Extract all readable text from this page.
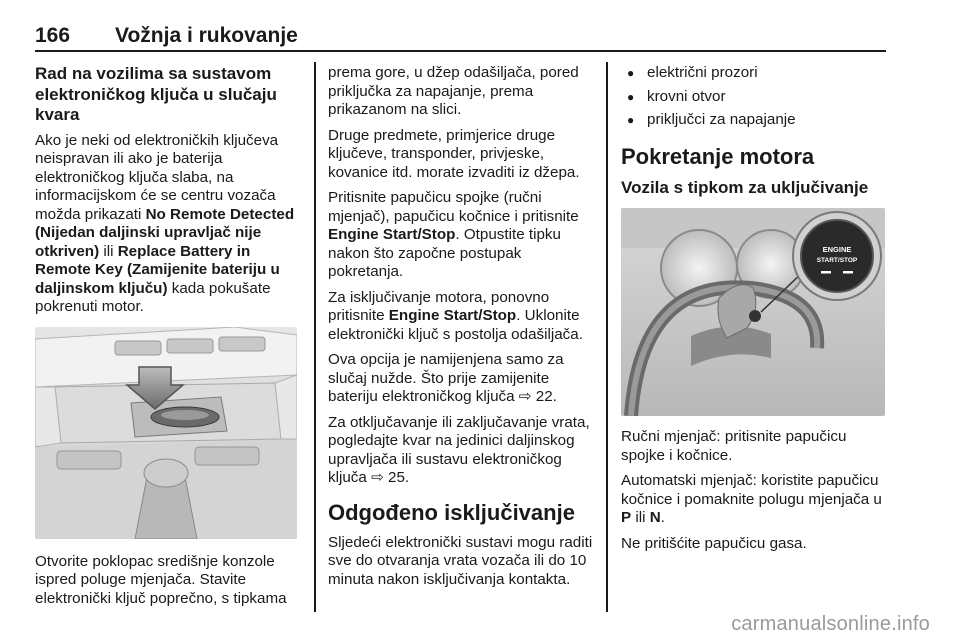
166 Vožnja i rukovanje
Rad na vozilima sa sustavom elektroničkog ključa u slučaju kvara

Ako je neki od elektroničkih ključeva neispravan ili ako je baterija elektroničkog ključa slaba, na informacijskom će se centru vozača možda prikazati No Remote Detected (Nijedan daljinski upravljač nije otkriven) ili Replace Battery in Remote Key (Zamijenite bateriju u daljinskom ključu) kada pokušate pokrenuti motor.

Otvorite poklopac središnje konzole ispred poluge mjenjača. Stavite elektronički ključ poprečno, s tipkama

prema gore, u džep odašiljača, pored priključka za napajanje, prema prikazanom na slici.

Druge predmete, primjerice druge ključeve, transponder, privjeske, kovanice itd. morate izvaditi iz džepa.

Pritisnite papučicu spojke (ručni mjenjač), papučicu kočnice i pritisnite Engine Start/Stop. Otpustite tipku nakon što započne postupak pokretanja.

Za isključivanje motora, ponovno pritisnite Engine Start/Stop. Uklonite elektronički ključ s postolja odašiljača.

Ova opcija je namijenjena samo za slučaj nužde. Što prije zamijenite bateriju elektroničkog ključa ⇨ 22.

Za otključavanje ili zaključavanje vrata, pogledajte kvar na jedinici daljinskog upravljača ili sustavu elektroničkog ključa ⇨ 25.

Odgođeno isključivanje

Sljedeći elektronički sustavi mogu raditi sve do otvaranja vrata vozača ili do 10 minuta nakon isključivanja kontakta.

● električni prozori
● krovni otvor
● priključci za napajanje
Pokretanje motora
Vozila s tipkom za uključivanje
ENGINE
START/STOP

Ručni mjenjač: pritisnite papučicu spojke i kočnice.

Automatski mjenjač: koristite papučicu kočnice i pomaknite polugu mjenjača u P ili N.

Ne pritišćite papučicu gasa.

carmanualsonline.info
